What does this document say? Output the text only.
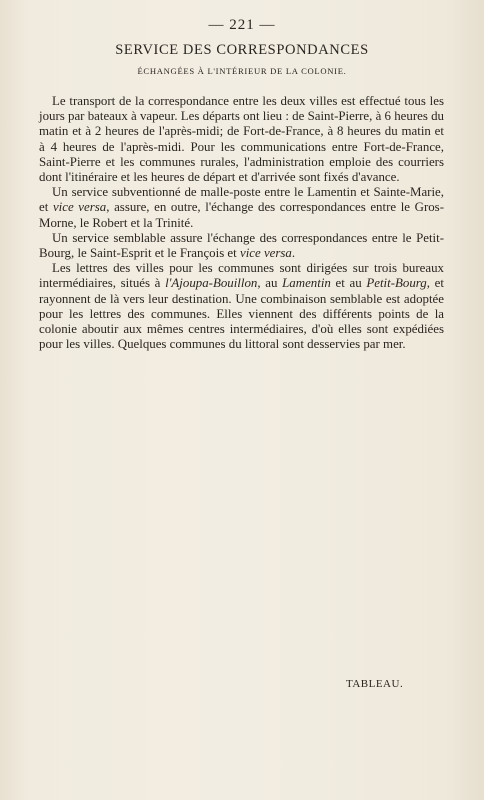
— 221 —
SERVICE DES CORRESPONDANCES
ÉCHANGÉES À L'INTÉRIEUR DE LA COLONIE.

Le transport de la correspondance entre les deux villes est effectué tous les jours par bateaux à vapeur. Les départs ont lieu : de Saint-Pierre, à 6 heures du matin et à 2 heures de l'après-midi; de Fort-de-France, à 8 heures du matin et à 4 heures de l'après-midi. Pour les communications entre Fort-de-France, Saint-Pierre et les communes rurales, l'administration emploie des courriers dont l'itinéraire et les heures de départ et d'arrivée sont fixés d'avance.

Un service subventionné de malle-poste entre le Lamentin et Sainte-Marie, et vice versa, assure, en outre, l'échange des correspondances entre le Gros-Morne, le Robert et la Trinité.

Un service semblable assure l'échange des correspondances entre le Petit-Bourg, le Saint-Esprit et le François et vice versa.

Les lettres des villes pour les communes sont dirigées sur trois bureaux intermédiaires, situés à l'Ajoupa-Bouillon, au Lamentin et au Petit-Bourg, et rayonnent de là vers leur destination. Une combinaison semblable est adoptée pour les lettres des communes. Elles viennent des différents points de la colonie aboutir aux mêmes centres intermédiaires, d'où elles sont expédiées pour les villes. Quelques communes du littoral sont desservies par mer.

TABLEAU.
